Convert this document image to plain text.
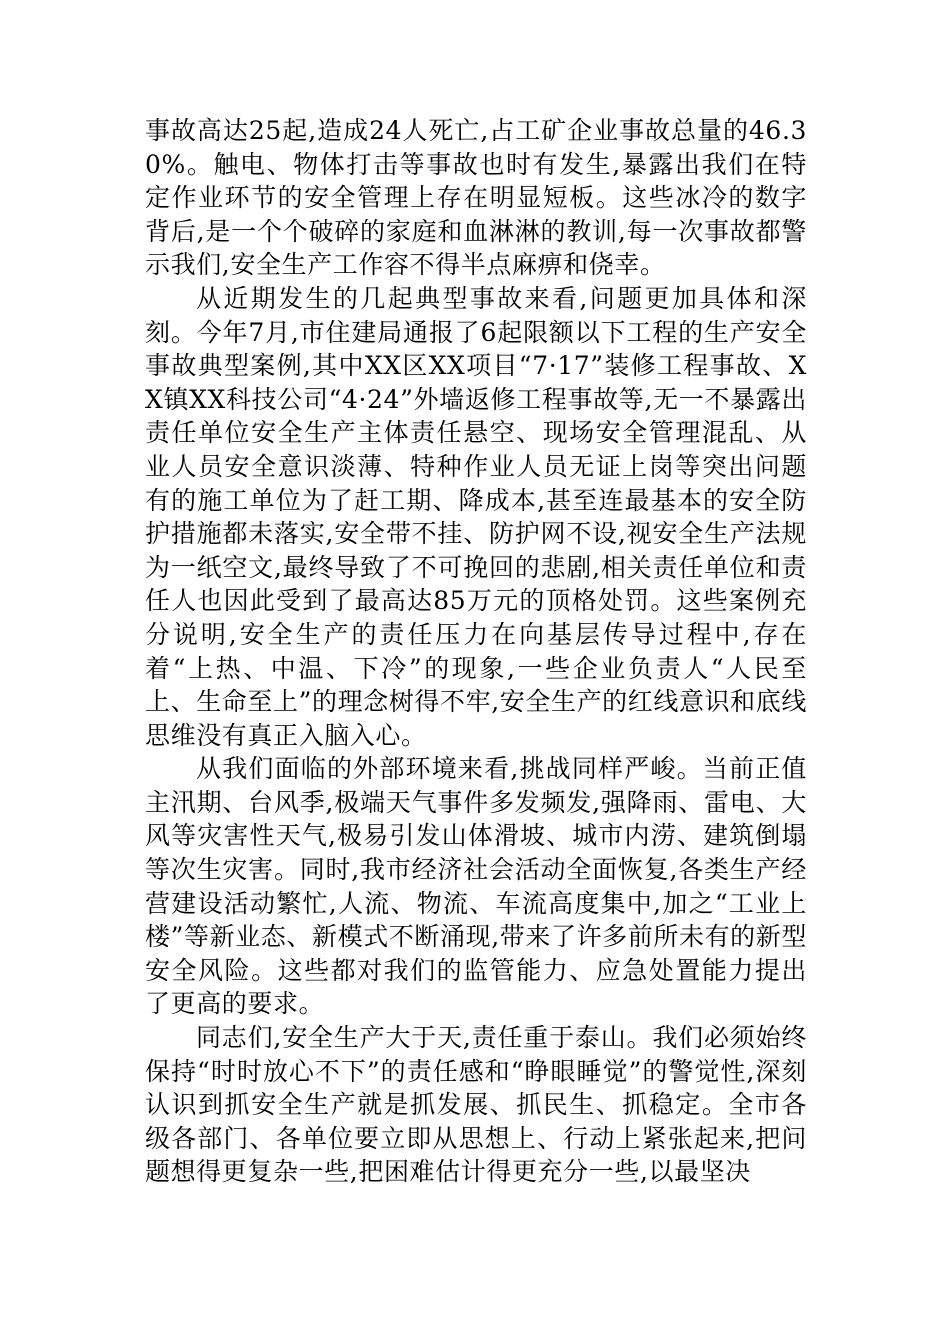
事故高达25起,造成24人死亡,占工矿企业事故总量的46.30%。触电、物体打击等事故也时有发生,暴露出我们在特定作业环节的安全管理上存在明显短板。这些冰冷的数字背后,是一个个破碎的家庭和血淋淋的教训,每一次事故都警示我们,安全生产工作容不得半点麻痹和侥幸。

从近期发生的几起典型事故来看,问题更加具体和深刻。今年7月,市住建局通报了6起限额以下工程的生产安全事故典型案例,其中XX区XX项目“7·17”装修工程事故、XX镇XX科技公司“4·24”外墙返修工程事故等,无一不暴露出责任单位安全生产主体责任悬空、现场安全管理混乱、从业人员安全意识淡薄、特种作业人员无证上岗等突出问题有的施工单位为了赶工期、降成本,甚至连最基本的安全防护措施都未落实,安全带不挂、防护网不设,视安全生产法规为一纸空文,最终导致了不可挽回的悲剧,相关责任单位和责任人也因此受到了最高达85万元的顶格处罚。这些案例充分说明,安全生产的责任压力在向基层传导过程中,存在着“上热、中温、下冷”的现象,一些企业负责人“人民至上、生命至上”的理念树得不牢,安全生产的红线意识和底线思维没有真正入脑入心。

从我们面临的外部环境来看,挑战同样严峻。当前正值主汛期、台风季,极端天气事件多发频发,强降雨、雷电、大风等灾害性天气,极易引发山体滑坡、城市内涝、建筑倒塌等次生灾害。同时,我市经济社会活动全面恢复,各类生产经营建设活动繁忙,人流、物流、车流高度集中,加之“工业上楼”等新业态、新模式不断涌现,带来了许多前所未有的新型安全风险。这些都对我们的监管能力、应急处置能力提出了更高的要求。

同志们,安全生产大于天,责任重于泰山。我们必须始终保持“时时放心不下”的责任感和“睁眼睡觉”的警觉性,深刻认识到抓安全生产就是抓发展、抓民生、抓稳定。全市各级各部门、各单位要立即从思想上、行动上紧张起来,把问题想得更复杂一些,把困难估计得更充分一些,以最坚决
